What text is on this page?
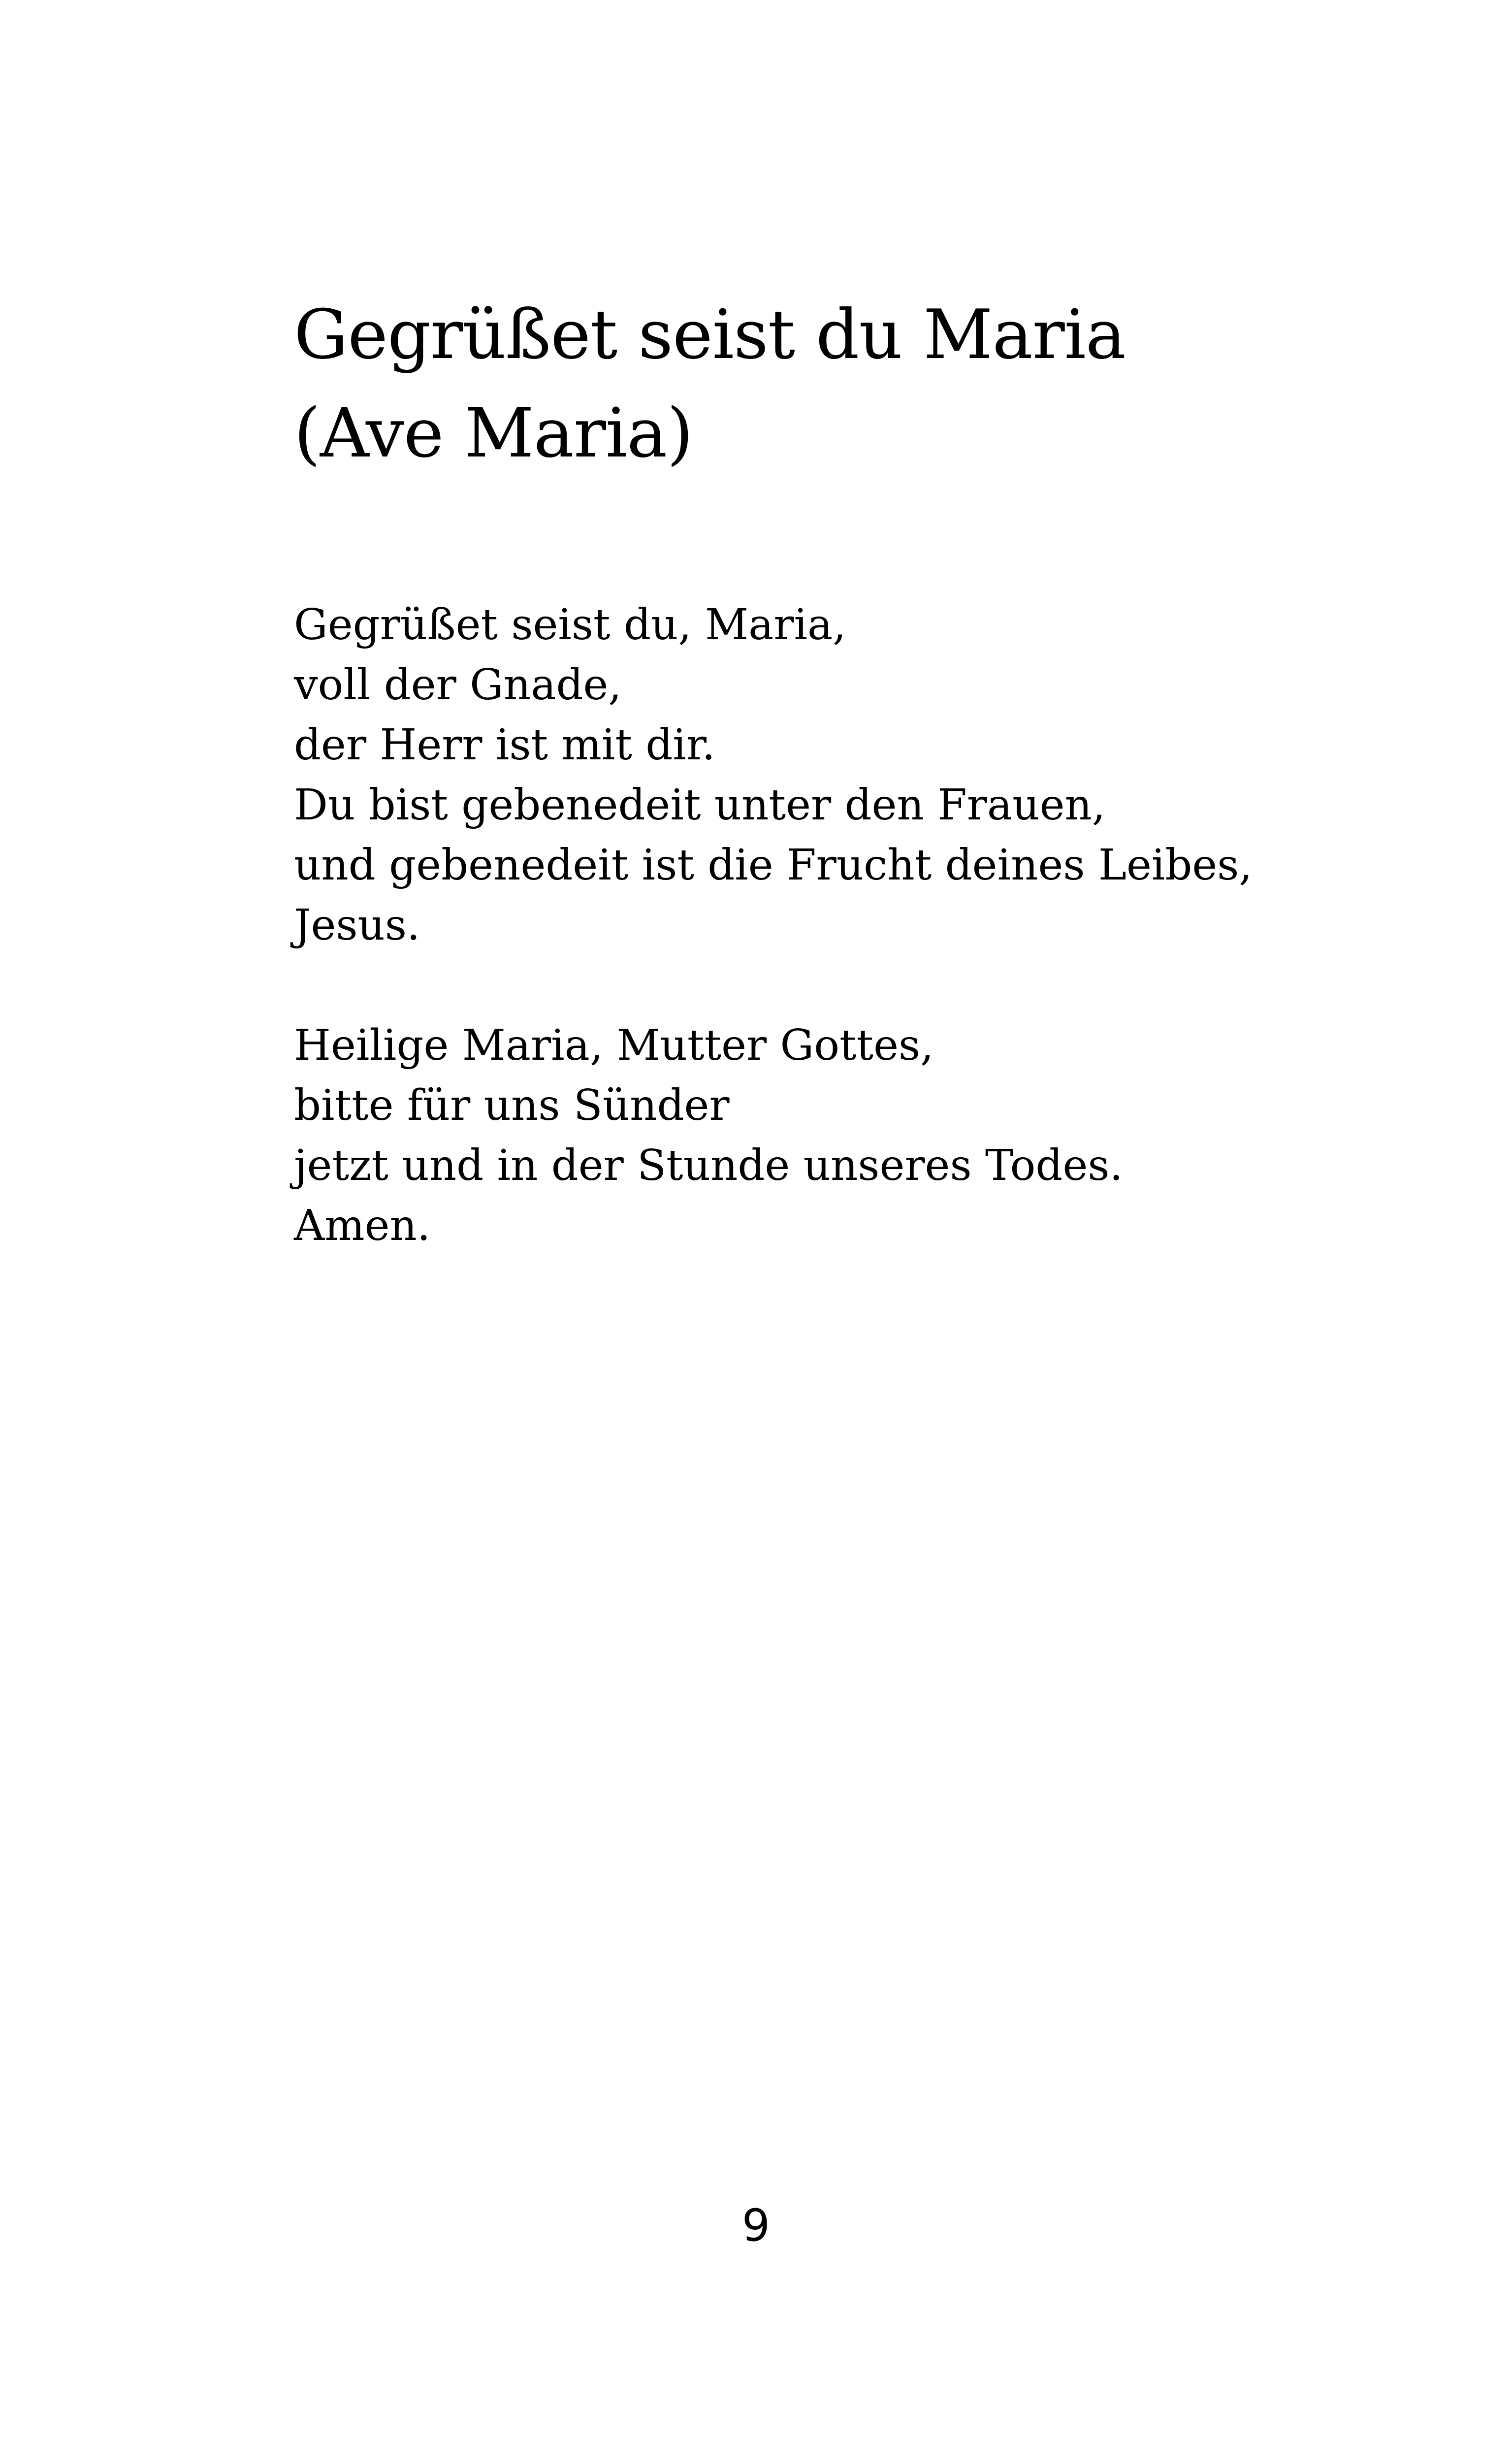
Gegrüßet seist du Maria
(Ave Maria)
Gegrüßet seist du, Maria,
voll der Gnade,
der Herr ist mit dir.
Du bist gebenedeit unter den Frauen,
und gebenedeit ist die Frucht deines Leibes,
Jesus.
Heilige Maria, Mutter Gottes,
bitte für uns Sünder
jetzt und in der Stunde unseres Todes.
Amen.
9
